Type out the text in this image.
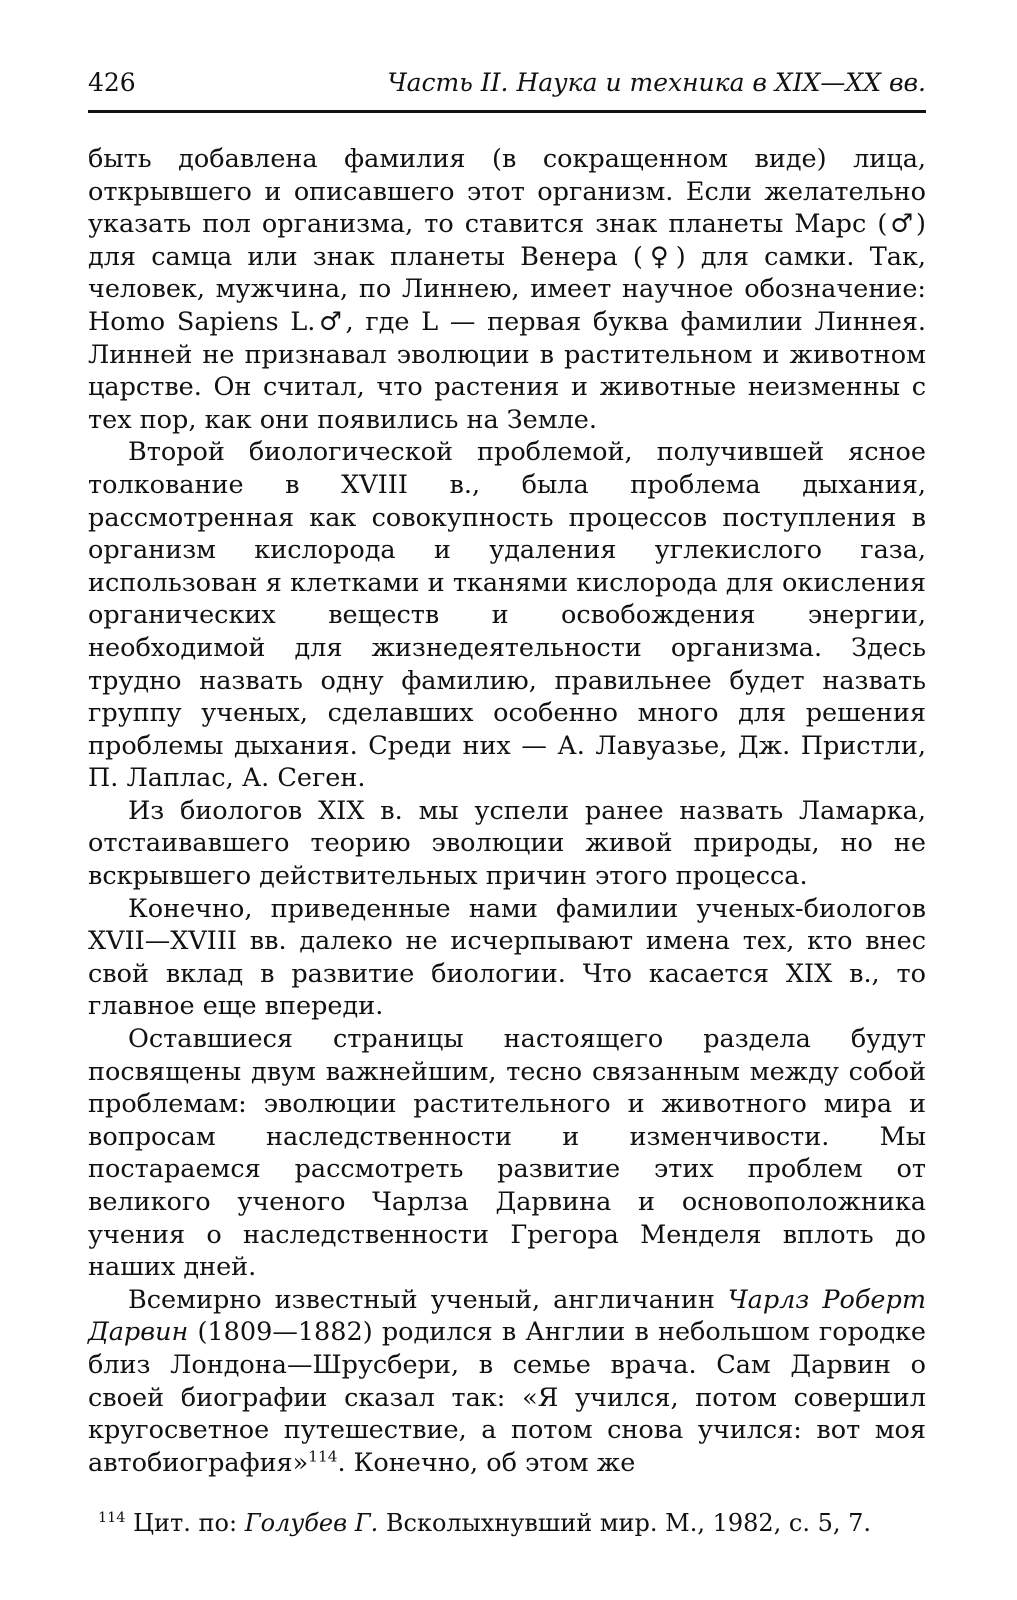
426	Часть II. Наука и техника в XIX—XX вв.

быть добавлена фамилия (в сокращенном виде) лица, открывшего и описавшего этот организм. Если желательно указать пол организма, то ставится знак планеты Марс (♂) для самца или знак планеты Венера (♀) для самки. Так, человек, мужчина, по Линнею, имеет научное обозначение: Homo Sapiens L.♂, где L — первая буква фамилии Линнея. Линней не признавал эволюции в растительном и животном царстве. Он считал, что растения и животные неизменны с тех пор, как они появились на Земле.

Второй биологической проблемой, получившей ясное толкование в XVIII в., была проблема дыхания, рассмотренная как совокупность процессов поступления в организм кислорода и удаления углекислого газа, использован я клетками и тканями кислорода для окисления органических веществ и освобождения энергии, необходимой для жизнедеятельности организма. Здесь трудно назвать одну фамилию, правильнее будет назвать группу ученых, сделавших особенно много для решения проблемы дыхания. Среди них — А. Лавуазье, Дж. Пристли, П. Лаплас, А. Сеген.

Из биологов XIX в. мы успели ранее назвать Ламарка, отстаивавшего теорию эволюции живой природы, но не вскрывшего действительных причин этого процесса.

Конечно, приведенные нами фамилии ученых-биологов XVII—XVIII вв. далеко не исчерпывают имена тех, кто внес свой вклад в развитие биологии. Что касается XIX в., то главное еще впереди.

Оставшиеся страницы настоящего раздела будут посвящены двум важнейшим, тесно связанным между собой проблемам: эволюции растительного и животного мира и вопросам наследственности и изменчивости. Мы постараемся рассмотреть развитие этих проблем от великого ученого Чарлза Дарвина и основоположника учения о наследственности Грегора Менделя вплоть до наших дней.

Всемирно известный ученый, англичанин Чарлз Роберт Дарвин (1809—1882) родился в Англии в небольшом городке близ Лондона—Шрусбери, в семье врача. Сам Дарвин о своей биографии сказал так: «Я учился, потом совершил кругосветное путешествие, а потом снова учился: вот моя автобиография»$^{114}$. Конечно, об этом же

$^{114}$ Цит. по: Голубев Г. Всколыхнувший мир. М., 1982, с. 5, 7.
